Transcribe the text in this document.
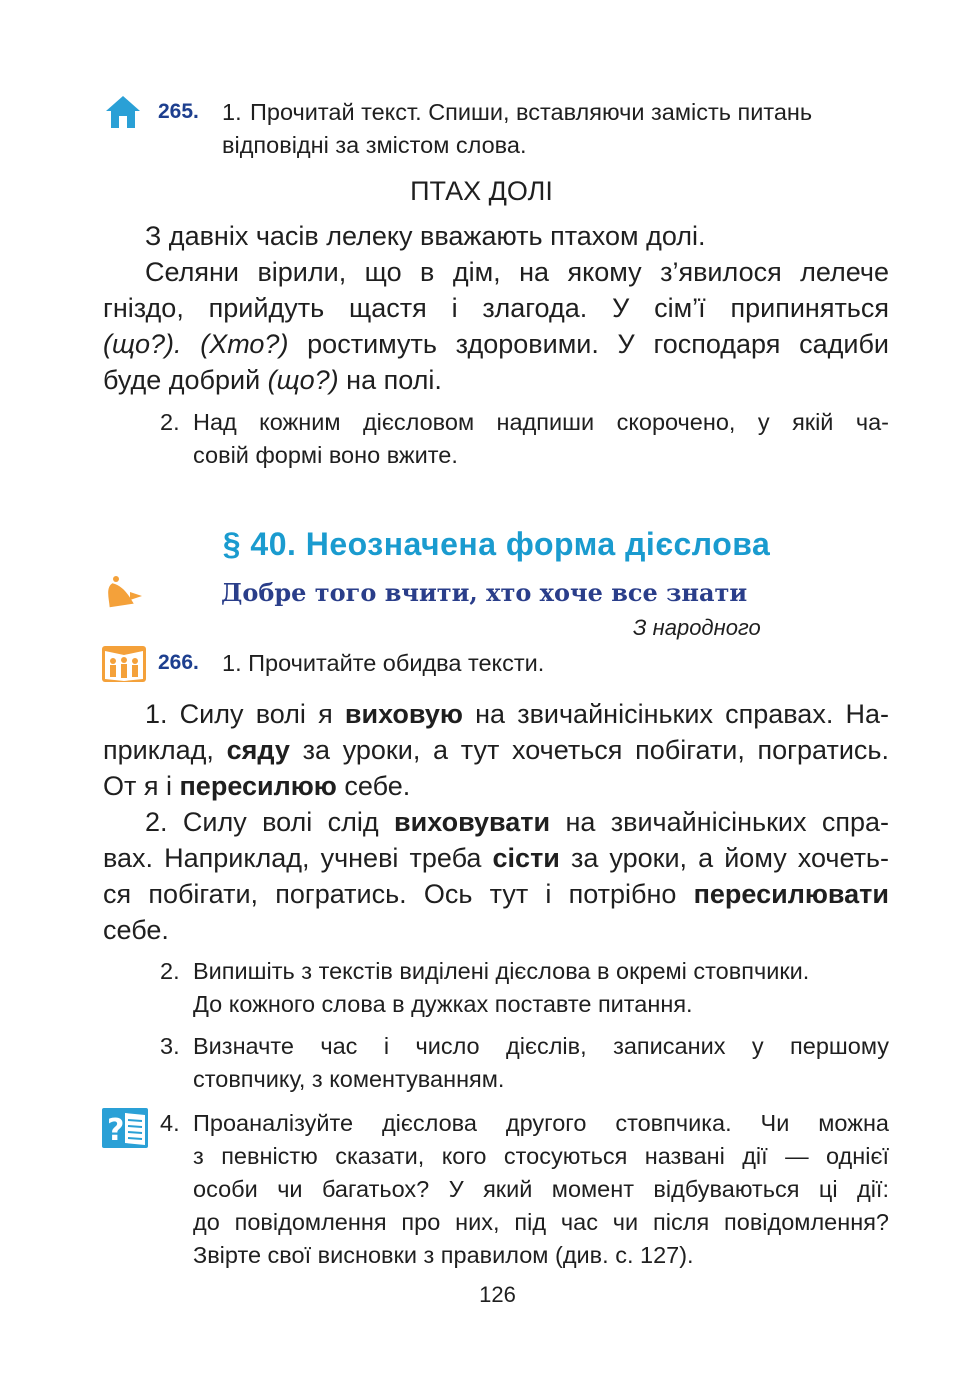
265. 1. Прочитай текст. Спиши, вставляючи замість питань
відповідні за змістом слова.
ПТАХ ДОЛІ
З давніх часів лелеку вважають птахом долі.
Селяни вірили, що в дім, на якому з’явилося лелече
гніздо, прийдуть щастя і злагода. У сім’ї припиняться
(що?). (Хто?) ростимуть здоровими. У господаря садиби
буде добрий (що?) на полі.
2. Над кожним дієсловом надпиши скорочено, у якій ча-
совій формі воно вжите.
§ 40. Неозначена форма дієслова
Добре того вчити, хто хоче все знати
З народного
266. 1. Прочитайте обидва тексти.
1. Силу волі я виховую на звичайнісіньких справах. На-
приклад, сяду за уроки, а тут хочеться побігати, погратись.
От я і пересилюю себе.
2. Силу волі слід виховувати на звичайнісіньких спра-
вах. Наприклад, учневі треба сісти за уроки, а йому хочеть-
ся побігати, погратись. Ось тут і потрібно пересилювати
себе.
2. Випишіть з текстів виділені дієслова в окремі стовпчики.
До кожного слова в дужках поставте питання.
3. Визначте час і число дієслів, записаних у першому
стовпчику, з коментуванням.
? 4. Проаналізуйте дієслова другого стовпчика. Чи можна
з певністю сказати, кого стосуються названі дії — однієї
особи чи багатьох? У який момент відбуваються ці дії:
до повідомлення про них, під час чи після повідомлення?
Звірте свої висновки з правилом (див. с. 127).
126
